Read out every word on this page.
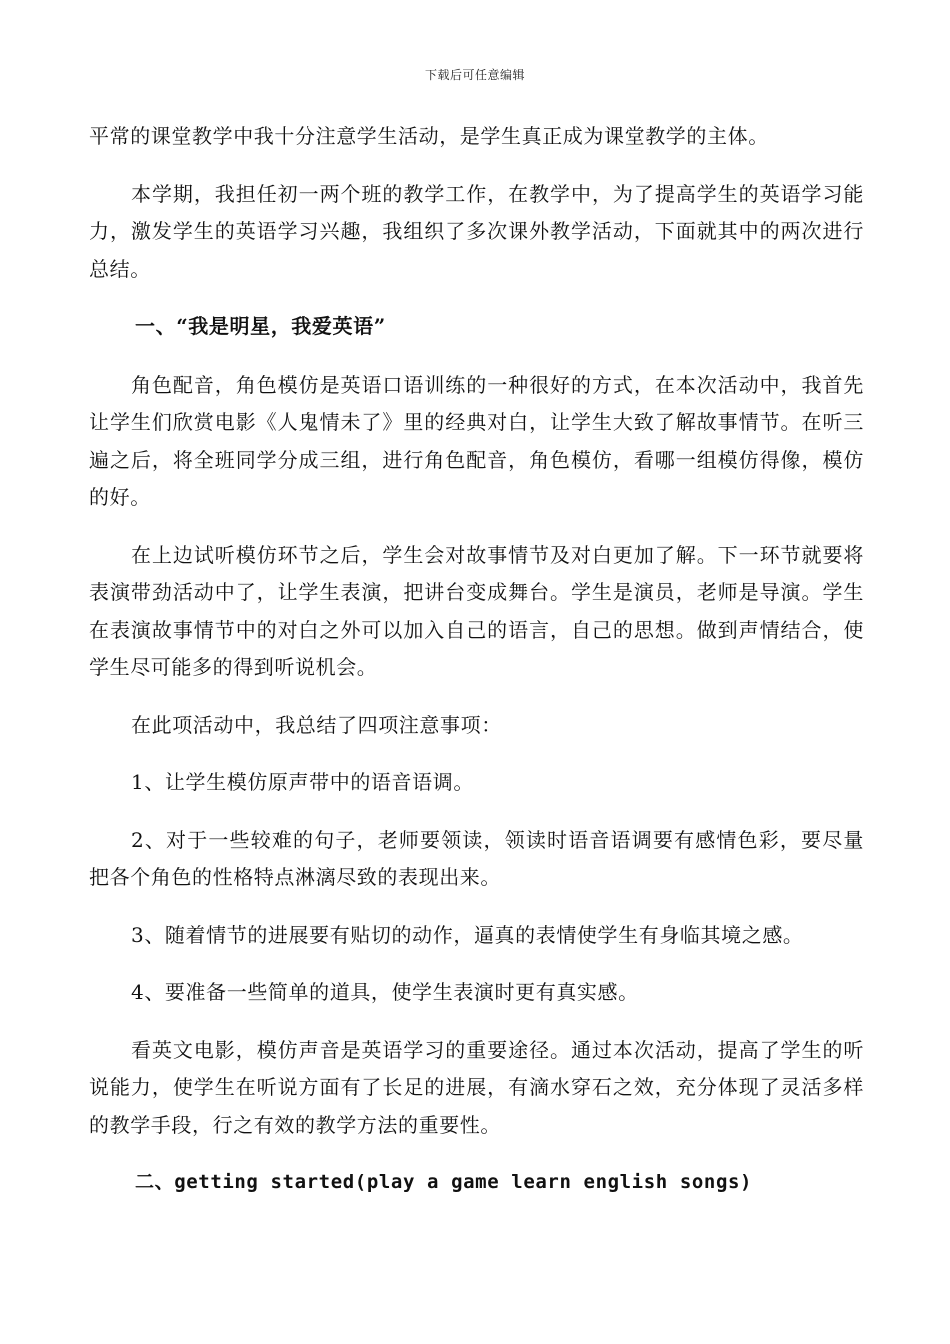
下载后可任意编辑

平常的课堂教学中我十分注意学生活动，是学生真正成为课堂教学的主体。

本学期，我担任初一两个班的教学工作，在教学中，为了提高学生的英语学习能力，激发学生的英语学习兴趣，我组织了多次课外教学活动，下面就其中的两次进行总结。

一、“我是明星，我爱英语”

角色配音，角色模仿是英语口语训练的一种很好的方式，在本次活动中，我首先让学生们欣赏电影《人鬼情未了》里的经典对白，让学生大致了解故事情节。在听三遍之后，将全班同学分成三组，进行角色配音，角色模仿，看哪一组模仿得像，模仿的好。

在上边试听模仿环节之后，学生会对故事情节及对白更加了解。下一环节就要将表演带劲活动中了，让学生表演，把讲台变成舞台。学生是演员，老师是导演。学生在表演故事情节中的对白之外可以加入自己的语言，自己的思想。做到声情结合，使学生尽可能多的得到听说机会。

在此项活动中，我总结了四项注意事项：

1、让学生模仿原声带中的语音语调。

2、对于一些较难的句子，老师要领读，领读时语音语调要有感情色彩，要尽量把各个角色的性格特点淋漓尽致的表现出来。

3、随着情节的进展要有贴切的动作，逼真的表情使学生有身临其境之感。

4、要准备一些简单的道具，使学生表演时更有真实感。

看英文电影，模仿声音是英语学习的重要途径。通过本次活动，提高了学生的听说能力，使学生在听说方面有了长足的进展，有滴水穿石之效，充分体现了灵活多样的教学手段，行之有效的教学方法的重要性。

二、getting started(play a game learn english songs)
